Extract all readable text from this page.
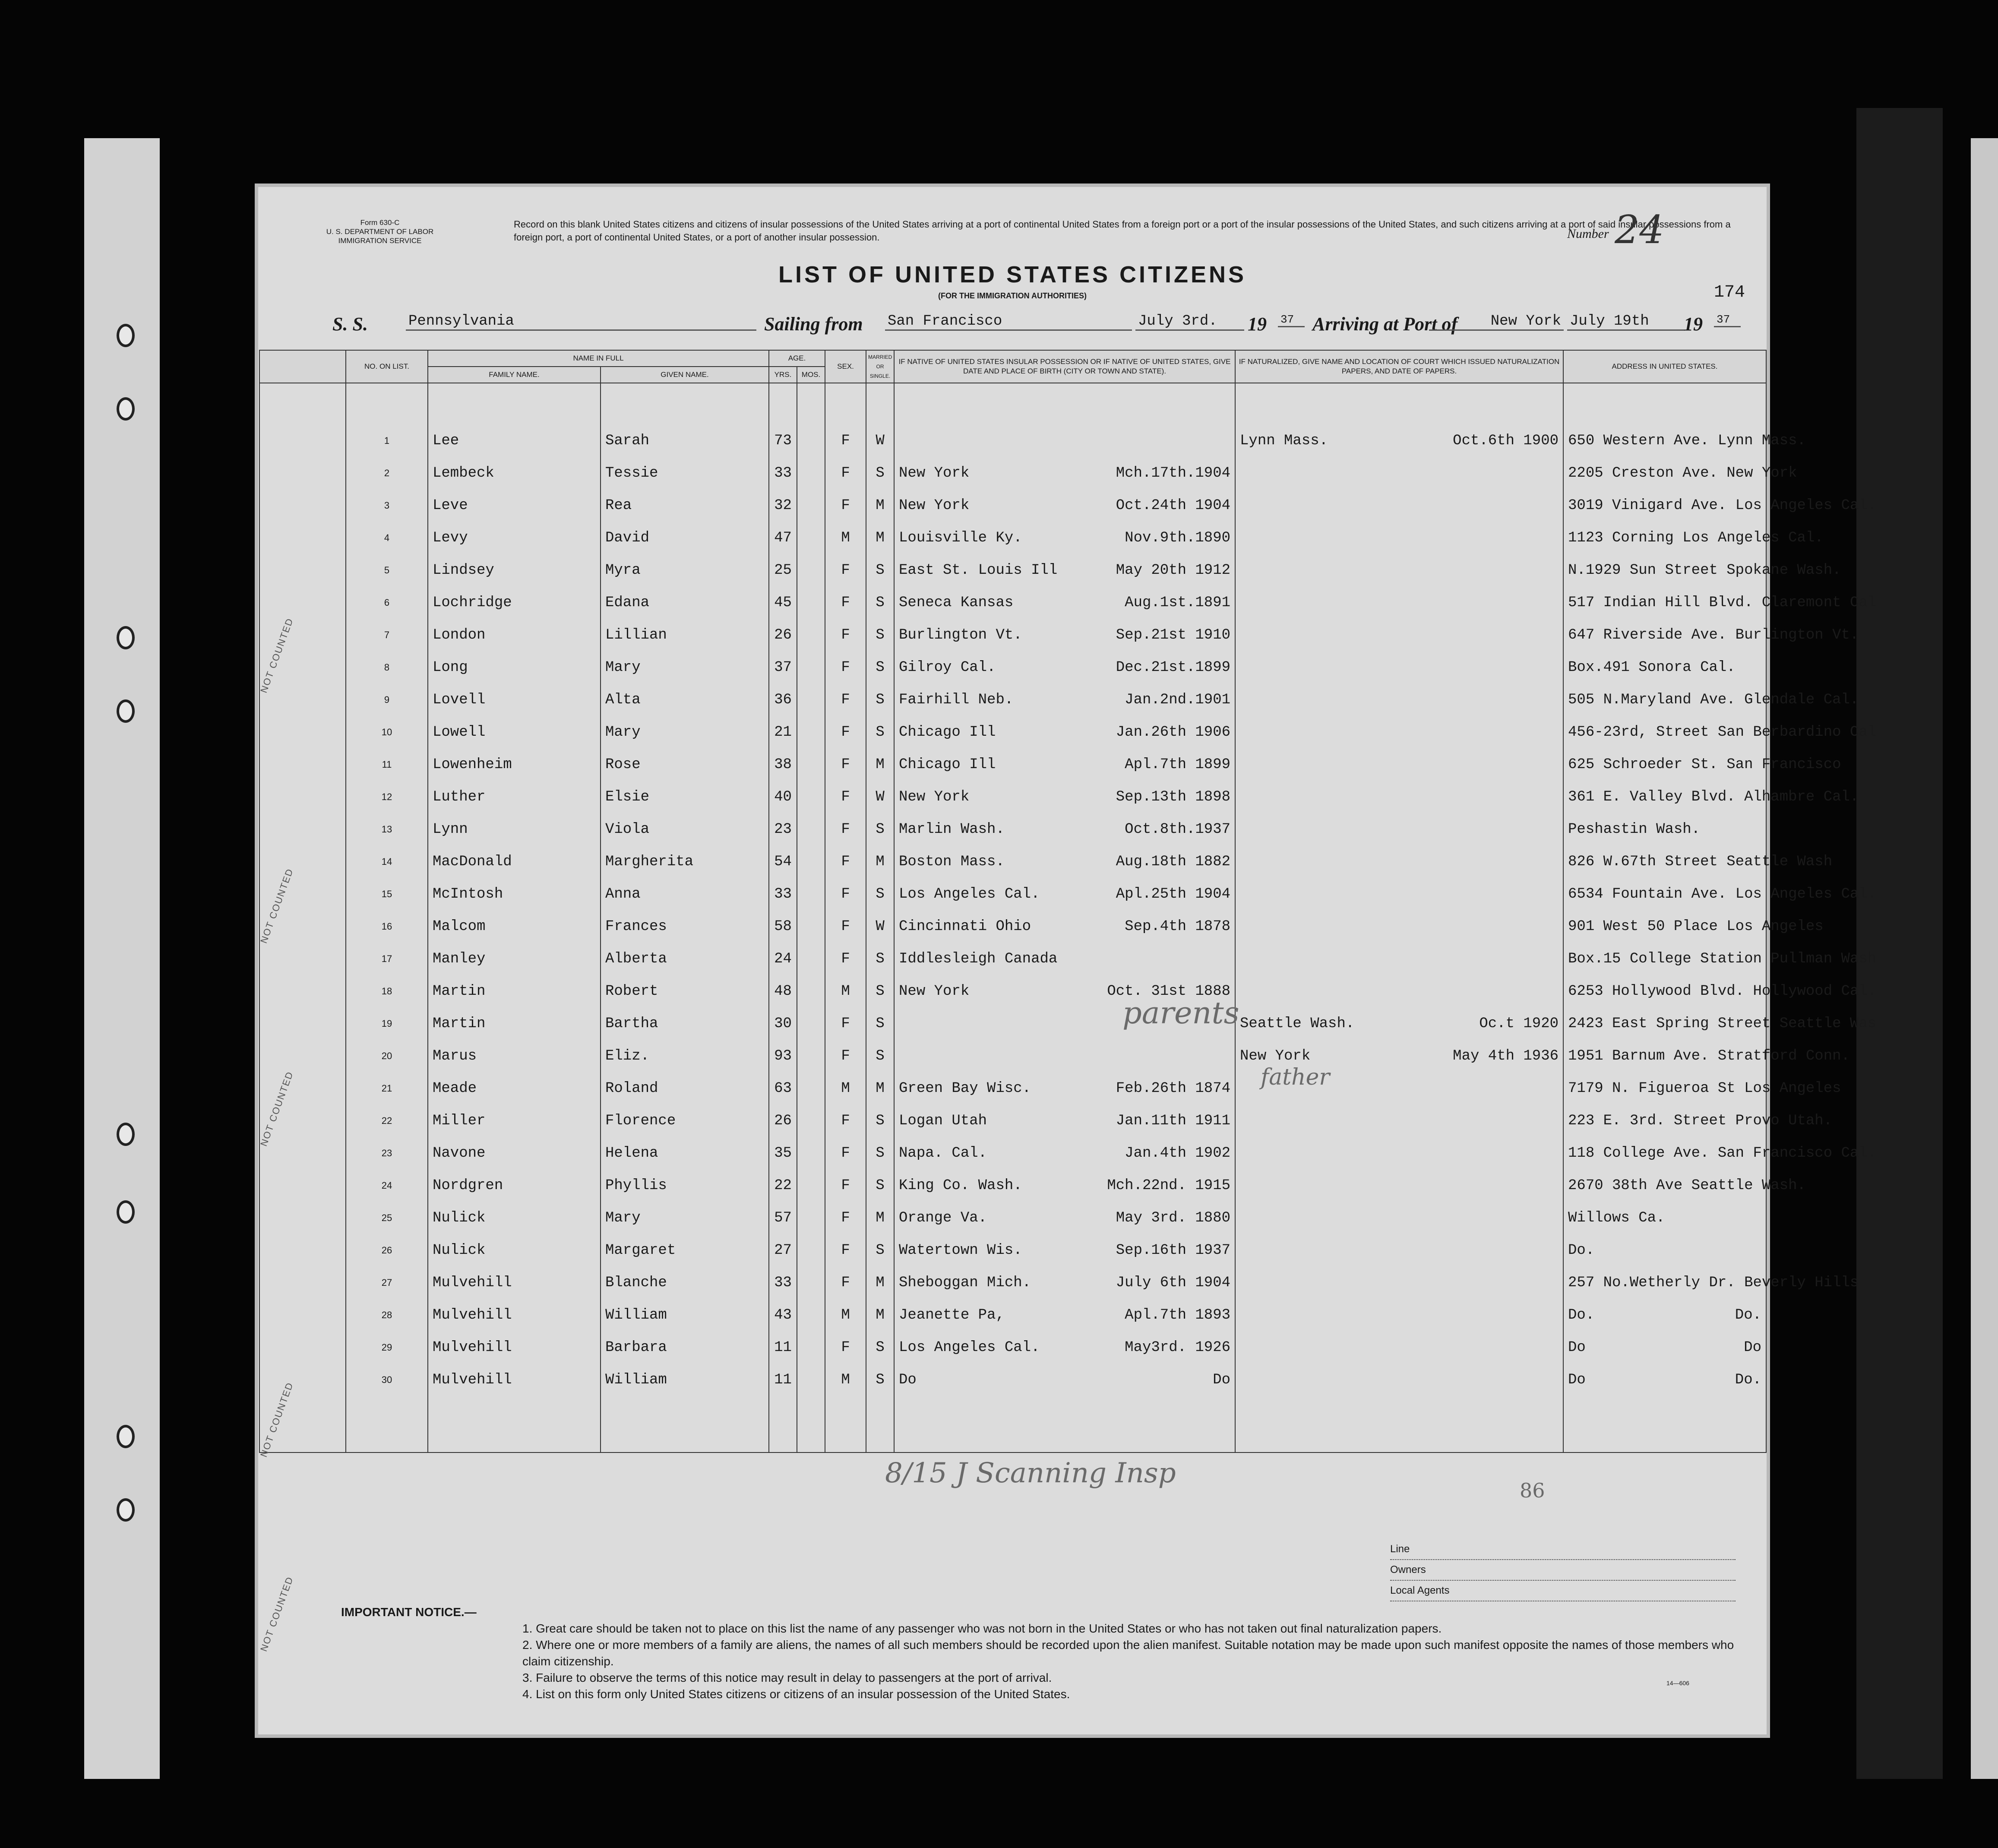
Form 630-C
U. S. DEPARTMENT OF LABOR
IMMIGRATION SERVICE
Record on this blank United States citizens and citizens of insular possessions of the United States arriving at a port of continental United States from a foreign port or a port of the insular possessions of the United States, and such citizens arriving at a port of said insular possessions from a foreign port, a port of continental United States, or a port of another insular possession.	Number 24
LIST OF UNITED STATES CITIZENS
(FOR THE IMMIGRATION AUTHORITIES)	174
S. S.	Pennsylvania	Sailing from San Francisco	July 3rd.	19 37 Arriving at Port of	New York July 19th	19 37
	NO. ON LIST.	NAME IN FULL		AGE.		SEX.	MARRIED OR SINGLE.	IF NATIVE OF UNITED STATES INSULAR POSSESSION OR IF NATIVE OF UNITED STATES, GIVE DATE AND PLACE OF BIRTH (CITY OR TOWN AND STATE).	IF NATURALIZED, GIVE NAME AND LOCATION OF COURT WHICH ISSUED NATURALIZATION PAPERS, AND DATE OF PAPERS.	ADDRESS IN UNITED STATES.
		FAMILY NAME.	GIVEN NAME.	YRS.	MOS.					

	1	Lee	Sarah	73		F	W		Lynn Mass. Oct.6th 1900	650 Western Ave. Lynn Mass.

	2	Lembeck	Tessie	33		F	S	New York Mch.17th.1904		2205 Creston Ave. New York

	3	Leve	Rea	32		F	M	New York Oct.24th 1904		3019 Vinigard Ave. Los Angeles Cal.

	4	Levy	David	47		M	M	Louisville Ky. Nov.9th.1890		1123 Corning Los Angeles Cal.

	5	Lindsey	Myra	25		F	S	East St. Louis Ill May 20th 1912		N.1929 Sun Street Spokane Wash.

	6	Lochridge	Edana	45		F	S	Seneca Kansas Aug.1st.1891		517 Indian Hill Blvd. Claremont Cal

	7	London	Lillian	26		F	S	Burlington Vt. Sep.21st 1910		647 Riverside Ave. Burlington Vt.

	8	Long	Mary	37		F	S	Gilroy Cal. Dec.21st.1899		Box.491 Sonora Cal.

	9	Lovell	Alta	36		F	S	Fairhill Neb. Jan.2nd.1901		505 N.Maryland Ave. Glendale Cal.

	10	Lowell	Mary	21		F	S	Chicago Ill Jan.26th 1906		456-23rd, Street San Berbardino Cal

	11	Lowenheim	Rose	38		F	M	Chicago Ill Apl.7th 1899		625 Schroeder St. San Francisco

	12	Luther	Elsie	40		F	W	New York Sep.13th 1898		361 E. Valley Blvd. Alhambre Cal.

	13	Lynn	Viola	23		F	S	Marlin Wash. Oct.8th.1937		Peshastin Wash.

	14	MacDonald	Margherita	54		F	M	Boston Mass. Aug.18th 1882		826 W.67th Street Seattle Wash

	15	McIntosh	Anna	33		F	S	Los Angeles Cal. Apl.25th 1904		6534 Fountain Ave. Los Angeles Cal.

	16	Malcom	Frances	58		F	W	Cincinnati Ohio Sep.4th 1878		901 West 50 Place Los Angeles

	17	Manley	Alberta	24		F	S	Iddlesleigh Canada		Box.15 College Station Pullman Wash

	18	Martin	Robert	48		M	S	New York Oct. 31st 1888		6253 Hollywood Blvd. Hollywood Cal.

	19	Martin	Bartha	30		F	S		Seattle Wash. Oc.t 1920	2423 East Spring Street Seattle Was

	20	Marus	Eliz.	93		F	S		New York May 4th 1936	1951 Barnum Ave. Stratford Conn.

	21	Meade	Roland	63		M	M	Green Bay Wisc. Feb.26th 1874		7179 N. Figueroa St Los Angeles

	22	Miller	Florence	26		F	S	Logan Utah Jan.11th 1911		223 E. 3rd. Street Provo Utah.

	23	Navone	Helena	35		F	S	Napa. Cal. Jan.4th 1902		118 College Ave. San Francisco Cal.

	24	Nordgren	Phyllis	22		F	S	King Co. Wash. Mch.22nd. 1915		2670 38th Ave Seattle Wash.

	25	Nulick	Mary	57		F	M	Orange Va. May 3rd. 1880		Willows Ca.

	26	Nulick	Margaret	27		F	S	Watertown Wis. Sep.16th 1937		Do.

	27	Mulvehill	Blanche	33		F	M	Sheboggan Mich. July 6th 1904		257 No.Wetherly Dr. Beverly Hills

	28	Mulvehill	William	43		M	M	Jeanette Pa, Apl.7th 1893		Do. Do.

	29	Mulvehill	Barbara	11		F	S	Los Angeles Cal. May3rd. 1926		Do Do

	30	Mulvehill	William	11		M	S	Do Do		Do Do.

parents
father
8/15 J Scanning Insp
86
NOT COUNTED
NOT COUNTED
NOT COUNTED
NOT COUNTED
NOT COUNTED
Line
Owners
Local Agents
IMPORTANT NOTICE.—
1. Great care should be taken not to place on this list the name of any passenger who was not born in the United States or who has not taken out final naturalization papers.
2. Where one or more members of a family are aliens, the names of all such members should be recorded upon the alien manifest. Suitable notation may be made upon such manifest opposite the names of those members who claim citizenship.
3. Failure to observe the terms of this notice may result in delay to passengers at the port of arrival.
4. List on this form only United States citizens or citizens of an insular possession of the United States.
14—606
